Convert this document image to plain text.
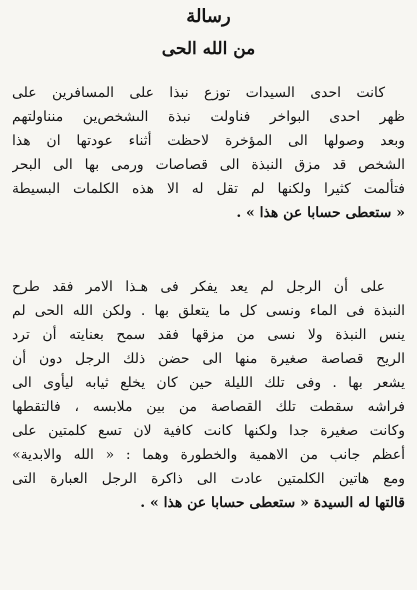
رسالة
من الله الحى
كانت احدى السيدات توزع نبذا على المسافرين على
ظهر احدى البواخر فناولت نبذة الىشخص‌ين منناولتهم
وبعد وصولها الى المؤخرة لاحظت أثناء عودتها ان هذا
الشخص قد مزق النبذة الى قصاصات ورمى بها الى البحر
فتألمت كثيرا ولكنها لم تقل له الا هذه الكلمات البسيطة
« ستعطى حسابا عن هذا » .
على أن الرجل لم يعد يفكر فى هـذا الامر فقد طرح
النبذة فى الماء ونسى كل ما يتعلق بها . ولكن الله الحى لم
ينس النبذة ولا نسى من مزقها فقد سمح بعنايته أن ترد
الريح قصاصة صغيرة منها الى حضن ذلك الرجل دون أن
يشعر بها . وفى تلك الليلة حين كان يخلع ثيابه ليأوى الى
فراشه سقطت تلك القصاصة من بين ملابسه ، فالتقطها
وكانت صغيرة جدا ولكنها كانت كافية لان تسع كلمتين على
أعظم جانب من الاهمية والخطورة وهما : « الله والابدية»
ومع هاتين الكلمتين عادت الى ذاكرة الرجل العبارة التى
قالتها له السيدة « ستعطى حسابا عن هذا » .
